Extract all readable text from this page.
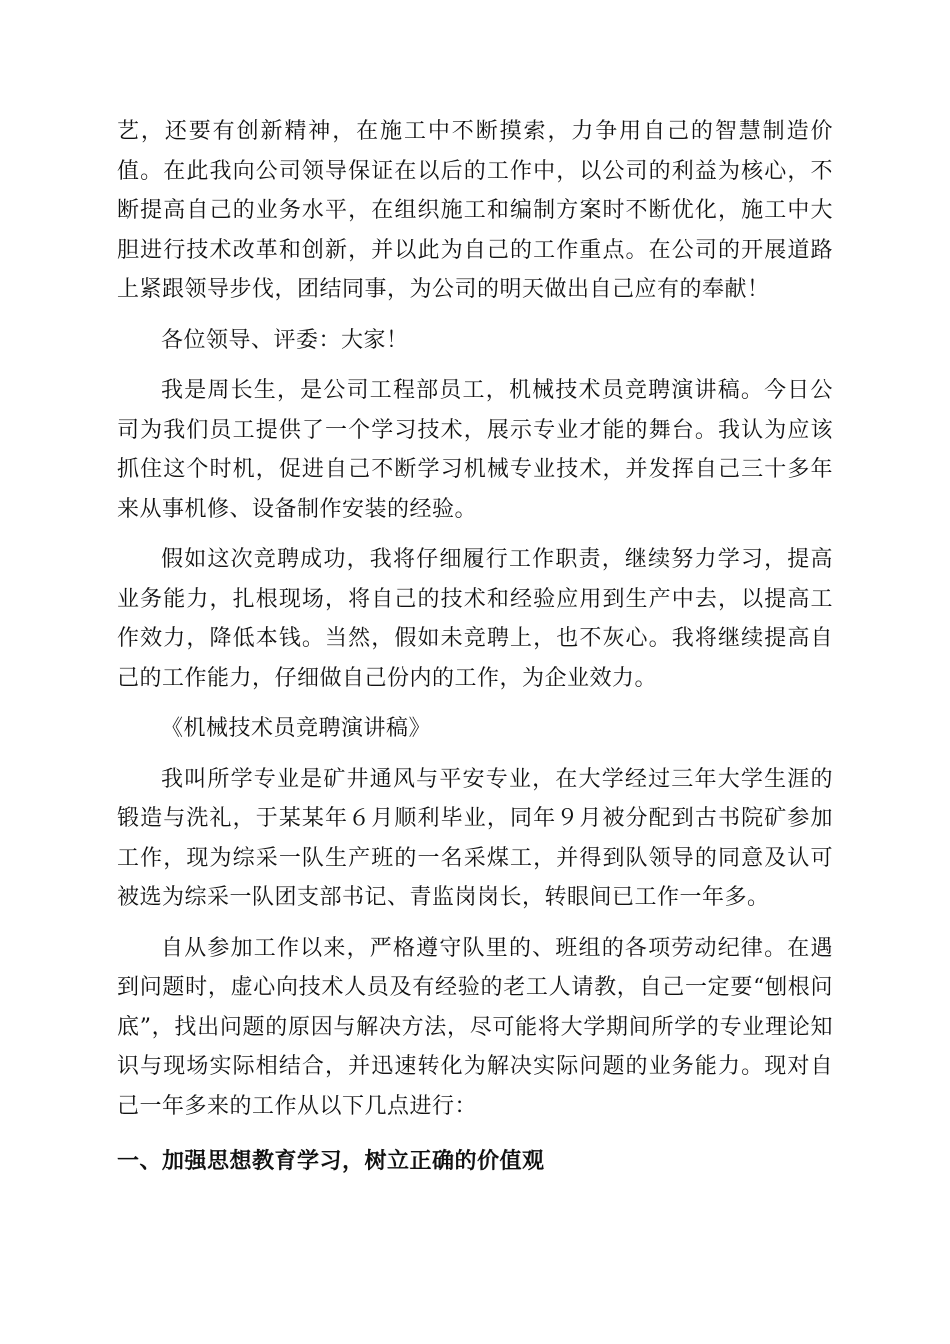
艺，还要有创新精神，在施工中不断摸索，力争用自己的智慧制造价值。在此我向公司领导保证在以后的工作中，以公司的利益为核心，不断提高自己的业务水平，在组织施工和编制方案时不断优化，施工中大胆进行技术改革和创新，并以此为自己的工作重点。在公司的开展道路上紧跟领导步伐，团结同事，为公司的明天做出自己应有的奉献！

各位领导、评委：大家！

我是周长生，是公司工程部员工，机械技术员竞聘演讲稿。今日公司为我们员工提供了一个学习技术，展示专业才能的舞台。我认为应该抓住这个时机，促进自己不断学习机械专业技术，并发挥自己三十多年来从事机修、设备制作安装的经验。

假如这次竞聘成功，我将仔细履行工作职责，继续努力学习，提高业务能力，扎根现场，将自己的技术和经验应用到生产中去，以提高工作效力，降低本钱。当然，假如未竞聘上，也不灰心。我将继续提高自己的工作能力，仔细做自己份内的工作，为企业效力。

《机械技术员竞聘演讲稿》

我叫所学专业是矿井通风与平安专业，在大学经过三年大学生涯的锻造与洗礼，于某某年６月顺利毕业，同年９月被分配到古书院矿参加工作，现为综采一队生产班的一名采煤工，并得到队领导的同意及认可被选为综采一队团支部书记、青监岗岗长，转眼间已工作一年多。

自从参加工作以来，严格遵守队里的、班组的各项劳动纪律。在遇到问题时，虚心向技术人员及有经验的老工人请教，自己一定要“刨根问底”，找出问题的原因与解决方法，尽可能将大学期间所学的专业理论知识与现场实际相结合，并迅速转化为解决实际问题的业务能力。现对自己一年多来的工作从以下几点进行：

一、加强思想教育学习，树立正确的价值观
